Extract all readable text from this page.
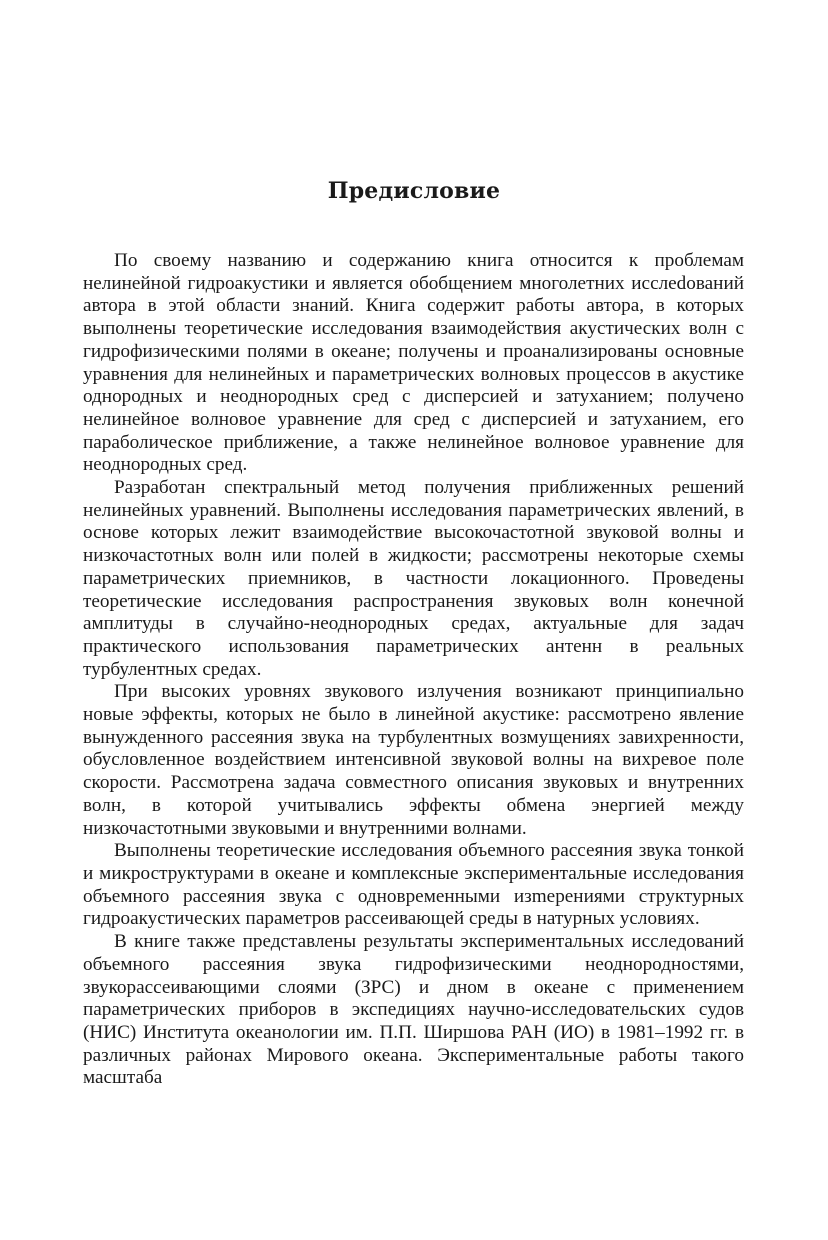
Предисловие

По своему названию и содержанию книга относится к проблемам нелинейной гидроакустики и является обобщением многолетних исслеdований автора в этой области знаний. Книга содержит работы автора, в которых выполнены теоретические исследования взаимодействия акустических волн с гидрофизическими полями в океане; получены и проанализированы основные уравнения для нелинейных и параметрических волновых процессов в акустике однородных и неоднородных сред с дисперсией и затуханием; получено нелинейное волновое уравнение для сред с дисперсией и затуханием, его параболическое приближение, а также нелинейное волновое уравнение для неоднородных сред.

Разработан спектральный метод получения приближенных решений нелинейных уравнений. Выполнены исследования параметрических явлений, в основе которых лежит взаимодействие высокочастотной звуковой волны и низкочастотных волн или полей в жидкости; рассмотрены некоторые схемы параметрических приемников, в частности локационного. Проведены теоретические исследования распространения звуковых волн конечной амплитуды в случайно-неоднородных средах, актуальные для задач практического использования параметрических антенн в реальных турбулентных средах.

При высоких уровнях звукового излучения возникают принципиально новые эффекты, которых не было в линейной акустике: рассмотрено явление вынужденного рассеяния звука на турбулентных возмущениях завихренности, обусловленное воздействием интенсивной звуковой волны на вихревое поле скорости. Рассмотрена задача совместного описания звуковых и внутренних волн, в которой учитывались эффекты обмена энергией между низкочастотными звуковыми и внутренними волнами.

Выполнены теоретические исследования объемного рассеяния звука тонкой и микроструктурами в океане и комплексные экспериментальные исследования объемного рассеяния звука с одновременными изmерениями структурных гидроакустических параметров рассеивающей среды в натурных условиях.

В книге также представлены результаты экспериментальных исследований объемного рассеяния звука гидрофизическими неоднородностями, звукорассеивающими слоями (ЗРС) и дном в океане с применением параметрических приборов в экспедициях научно-исследовательских судов (НИС) Института океанологии им. П.П. Ширшова РАН (ИО) в 1981–1992 гг. в различных районах Мирового океана. Экспериментальные работы такого масштаба
